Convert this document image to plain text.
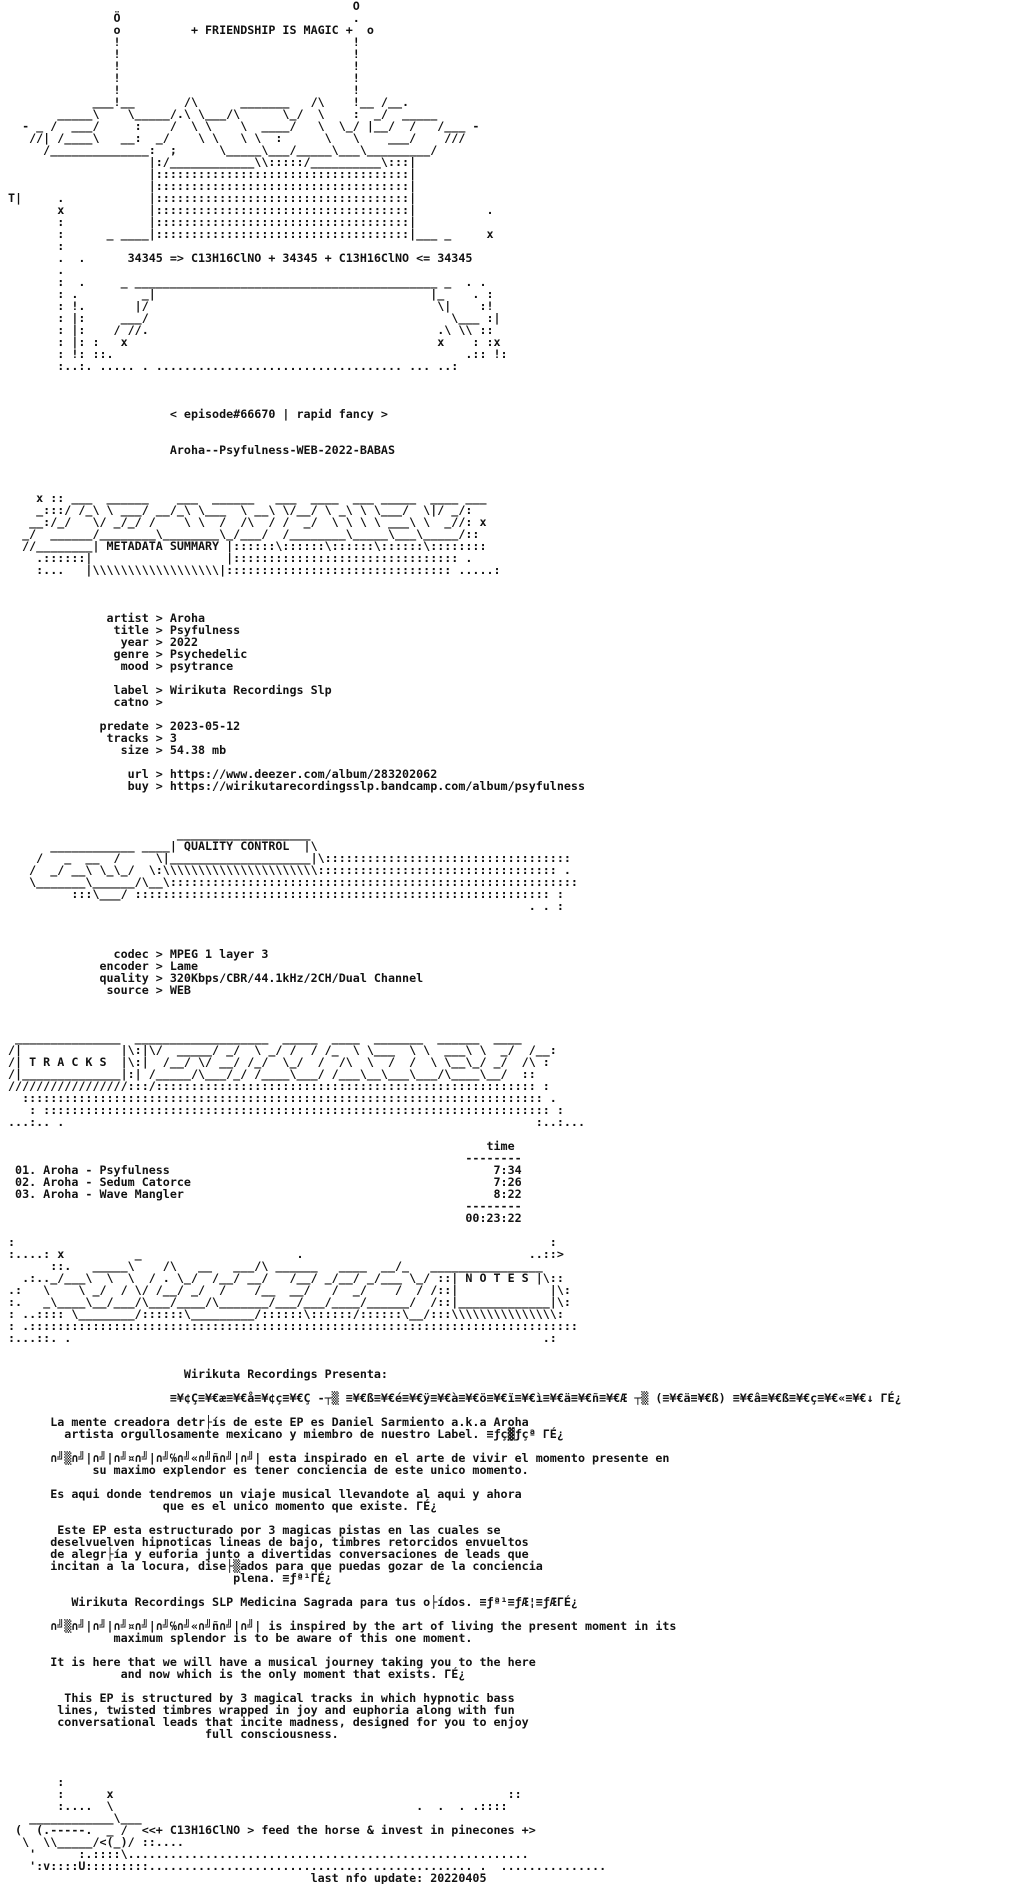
O
Ö                                 .
o          + FRIENDSHIP IS MAGIC +  o
!                                 !
!                                 !
!                                 !
!                                 !
!                                 !
___!__       /\      _______   /\    !__ /__.
_____\    \_____/.\ \___/\      \_/  \    :  _/  _____
- _ /  ___/     :    /  \ \    \  ____/   \  \_/ |__/  /   /___ -
//| /____\   __:  _/    \ \   \ \  :      \   \    ___/    ///
/______________:  ;      \_____\___/_____\___\_________/
|:/____________\\:::::/__________\:::|
|::::::::::::::::::::::::::::::::::::|
|::::::::::::::::::::::::::::::::::::|
T|     .            |::::::::::::::::::::::::::::::::::::|
x            |::::::::::::::::::::::::::::::::::::|          .
:            |::::::::::::::::::::::::::::::::::::|
:      _ ____|::::::::::::::::::::::::::::::::::::|___ _     x
:
.  .      34345 => C13H16ClNO + 34345 + C13H16ClNO <= 34345
.
:  .     _ ___________________________________________ _  . .
: .         _|                                       |_    . :
: !.       |/                                         \|    :!
: |:     ___/                                           \___ :|
: |:    / //.                                         .\ \\ ::
: |: :   x                                            x    : :x
: !: ::.                                                  .:: !:
:..:. ..... . ................................... ... ..:
< episode#66670 | rapid fancy >
Aroha--Psyfulness-WEB-2022-BABAS
x :: ___  ______    ___  ______   ___  ____  ___ _____  ____ ___
_:::/ /_\ \ ___/ __/_\ \___  \ __\ \/__/ \ _\ \ \___/  \|/ _/:
__:/_/   \/ _/_/ /    \ \  /  /\  / /  _/  \ \ \ \ ___\ \  _//: x
_/  ______/________\________\_/___/  /________\_____\___\_____/::
//________| METADATA SUMMARY |::::::\::::::\::::::\::::::\::::::::
.::::::|                   |:::::::::::::::::::::::::::::::: .
:...   |\\\\\\\\\\\\\\\\\\|:::::::::::::::::::::::::::::::: .....:
artist > Aroha
title > Psyfulness
year > 2022
genre > Psychedelic
mood > psytrance
label > Wirikuta Recordings Slp
catno >
predate > 2023-05-12
tracks > 3
size > 54.38 mb
url > https://www.deezer.com/album/283202062
buy > https://wirikutarecordingsslp.bandcamp.com/album/psyfulness
___________________
____________ ____| QUALITY CONTROL  |\
/   _  __  /     \|____________________|\:::::::::::::::::::::::::::::::::::
/  _/ __\ \_\_/  \:\\\\\\\\\\\\\\\\\\\\\\:::::::::::::::::::::::::::::::::: .
\_______\______/\__\::::::::::::::::::::::::::::::::::::::::::::::::::::::::::
:::\___/ ::::::::::::::::::::::::::::::::::::::::::::::::::::::::::: :
. . :
codec > MPEG 1 layer 3
encoder > Lame
quality > 320Kbps/CBR/44.1kHz/2CH/Dual Channel
source > WEB
_______________  ___________________  _____  ____  _______  ______  ____
/|              |\:|\/  _____/ _/  \ _/ /  / /_  \ \___  \ \  ___\ \  _/  /__:
/| T R A C K S  |\:|  /__/ \/ __/ /_/  \_/  /  /\  \  /  /  \ \__\_/ _/  /\ :
/|______________|:| /_____/\___/_/ /____\___/ /___\__\___\___/\____\__/  ::
/////////////////:::/:::::::::::::::::::::::::::::::::::::::::::::::::::::: :
:::::::::::::::::::::::::::::::::::::::::::::::::::::::::::::::::::::::::: .
: :::::::::::::::::::::::::::::::::::::::::::::::::::::::::::::::::::::::: :
...:.. .                                                                   :..:...
time
--------
01. Aroha - Psyfulness                                              7:34
02. Aroha - Sedum Catorce                                           7:26
03. Aroha - Wave Mangler                                            8:22
--------
00:23:22
:                                                                            :
:....: x          _                      .                                ..::>
::.   _____\    /\   __   ___/\ ______   ____  __/_   ________________
.:.._/___\  \  \  / . \_/  /__/ __/   /__/ _/__/ _/___ \_/ ::| N O T E S |\::
.:   \    \ _/  / \/ /__/ _/  /    /__  __/   /  _/    /  / /::|             |\:
:.   _\____\__/___/\___/____/\_______/___/___/____/______/  /::|_____________|\:
: ..:::: \________/::::::\_________/::::::\::::::/::::::\__/:::\\\\\\\\\\\\\\\:
: .::::::::::::::::::::::::::::::::::::::::::::::::::::::::::::::::::::::::::::::
:...::. .                                                                   .:
Wirikuta Recordings Presenta:
≡¥¢Ç≡¥€æ≡¥€å≡¥¢ç≡¥€Ç -┬▒ ≡¥€ß≡¥€é≡¥€ÿ≡¥€à≡¥€ö≡¥€ï≡¥€ì≡¥€ä≡¥€ñ≡¥€Æ ┬▒ (≡¥€ä≡¥€ß) ≡¥€â≡¥€ß≡¥€ç≡¥€«≡¥€↓ ΓÉ¿
La mente creadora detr├ís de este EP es Daniel Sarmiento a.k.a Aroha
artista orgullosamente mexicano y miembro de nuestro Label. ≡ƒç▓ƒçª ΓÉ¿
∩╝▒∩╝|∩╝|∩╝¤∩╝|∩╝℅∩╝«∩╝ñ∩╝|∩╝| esta inspirado en el arte de vivir el momento presente en
su maximo explendor es tener conciencia de este unico momento.
Es aqui donde tendremos un viaje musical llevandote al aqui y ahora
que es el unico momento que existe. ΓÉ¿
Este EP esta estructurado por 3 magicas pistas en las cuales se
deselvuelven hipnoticas lineas de bajo, timbres retorcidos envueltos
de alegr├ía y euforia junto a divertidas conversaciones de leads que
incitan a la locura, dise├▒ados para que puedas gozar de la conciencia
plena. ≡ƒª¹ΓÉ¿
Wirikuta Recordings SLP Medicina Sagrada para tus o├ídos. ≡ƒª¹≡ƒÆ¦≡ƒÆΓÉ¿
∩╝▒∩╝|∩╝|∩╝¤∩╝|∩╝℅∩╝«∩╝ñ∩╝|∩╝| is inspired by the art of living the present moment in its
maximum splendor is to be aware of this one moment.
It is here that we will have a musical journey taking you to the here
and now which is the only moment that exists. ΓÉ¿
This EP is structured by 3 magical tracks in which hypnotic bass
lines, twisted timbres wrapped in joy and euphoria along with fun
conversational leads that incite madness, designed for you to enjoy
full consciousness.
:
:      x                                                        ::
:....  \                                           .  .  . .::::
____________\___
(  (.-----.  _ /  <<+ C13H16ClNO > feed the horse & invest in pinecones +>
\  \\_____/<(_)/ ::....
'      :.::::\.........................................................
':v::::U:::::::::.............................................. .  ...............
last nfo update: 20220405
